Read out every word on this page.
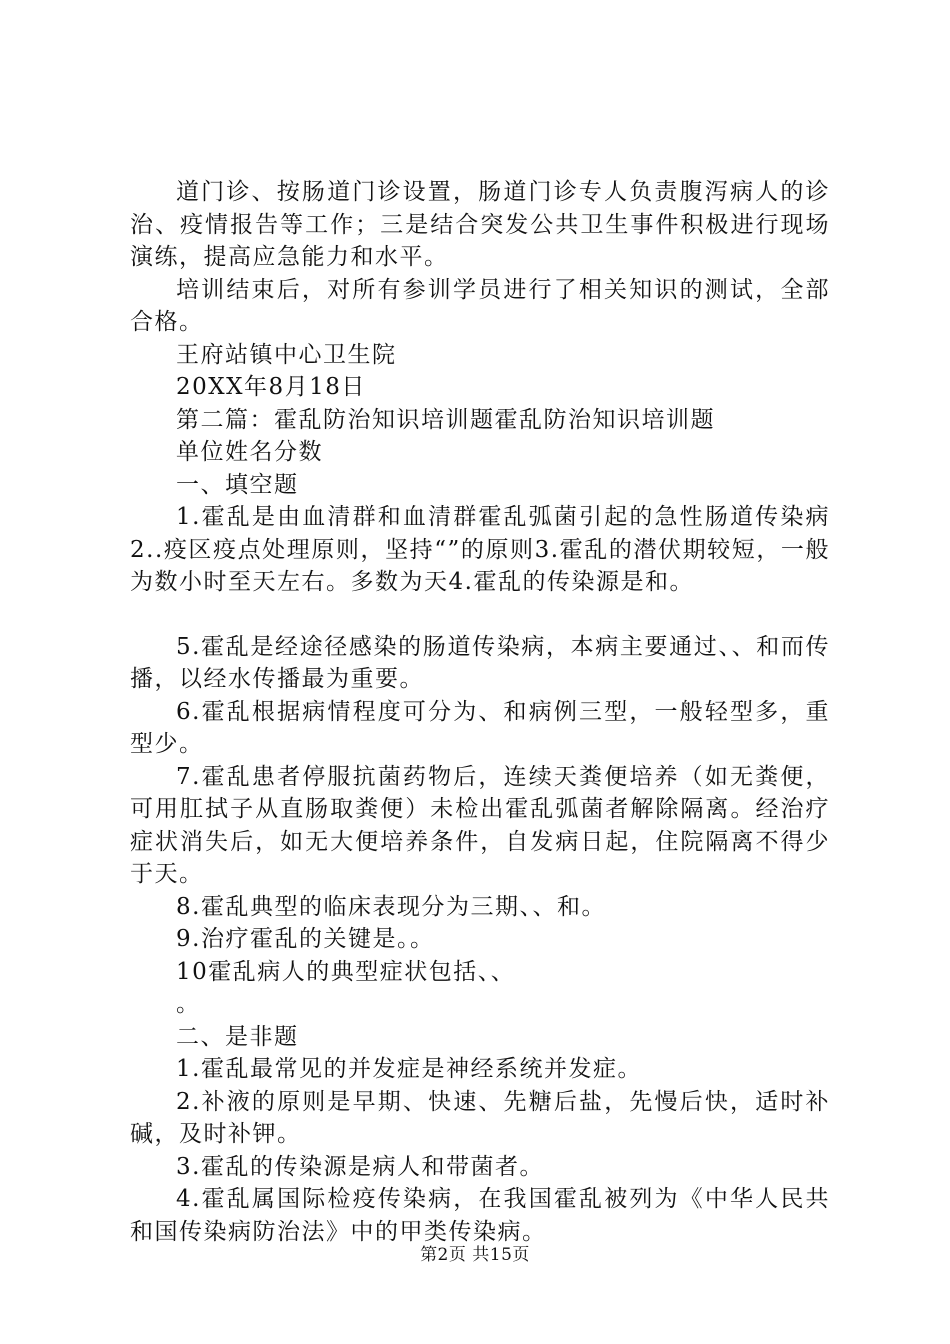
道门诊、按肠道门诊设置，肠道门诊专人负责腹泻病人的诊治、疫情报告等工作；三是结合突发公共卫生事件积极进行现场演练，提高应急能力和水平。

培训结束后，对所有参训学员进行了相关知识的测试，全部合格。

王府站镇中心卫生院

20XX年8月18日

第二篇：霍乱防治知识培训题霍乱防治知识培训题

单位姓名分数

一、填空题

1.霍乱是由血清群和血清群霍乱弧菌引起的急性肠道传染病2..疫区疫点处理原则，坚持“”的原则3.霍乱的潜伏期较短，一般为数小时至天左右。多数为天4.霍乱的传染源是和。

5.霍乱是经途径感染的肠道传染病，本病主要通过、、和而传播，以经水传播最为重要。

6.霍乱根据病情程度可分为、和病例三型，一般轻型多，重型少。

7.霍乱患者停服抗菌药物后，连续天粪便培养（如无粪便，可用肛拭子从直肠取粪便）未检出霍乱弧菌者解除隔离。经治疗症状消失后，如无大便培养条件，自发病日起，住院隔离不得少于天。

8.霍乱典型的临床表现分为三期、、和。

9.治疗霍乱的关键是。。

10霍乱病人的典型症状包括、、

。

二、是非题

1.霍乱最常见的并发症是神经系统并发症。

2.补液的原则是早期、快速、先糖后盐，先慢后快，适时补碱，及时补钾。

3.霍乱的传染源是病人和带菌者。

4.霍乱属国际检疫传染病，在我国霍乱被列为《中华人民共和国传染病防治法》中的甲类传染病。

第2页 共15页
